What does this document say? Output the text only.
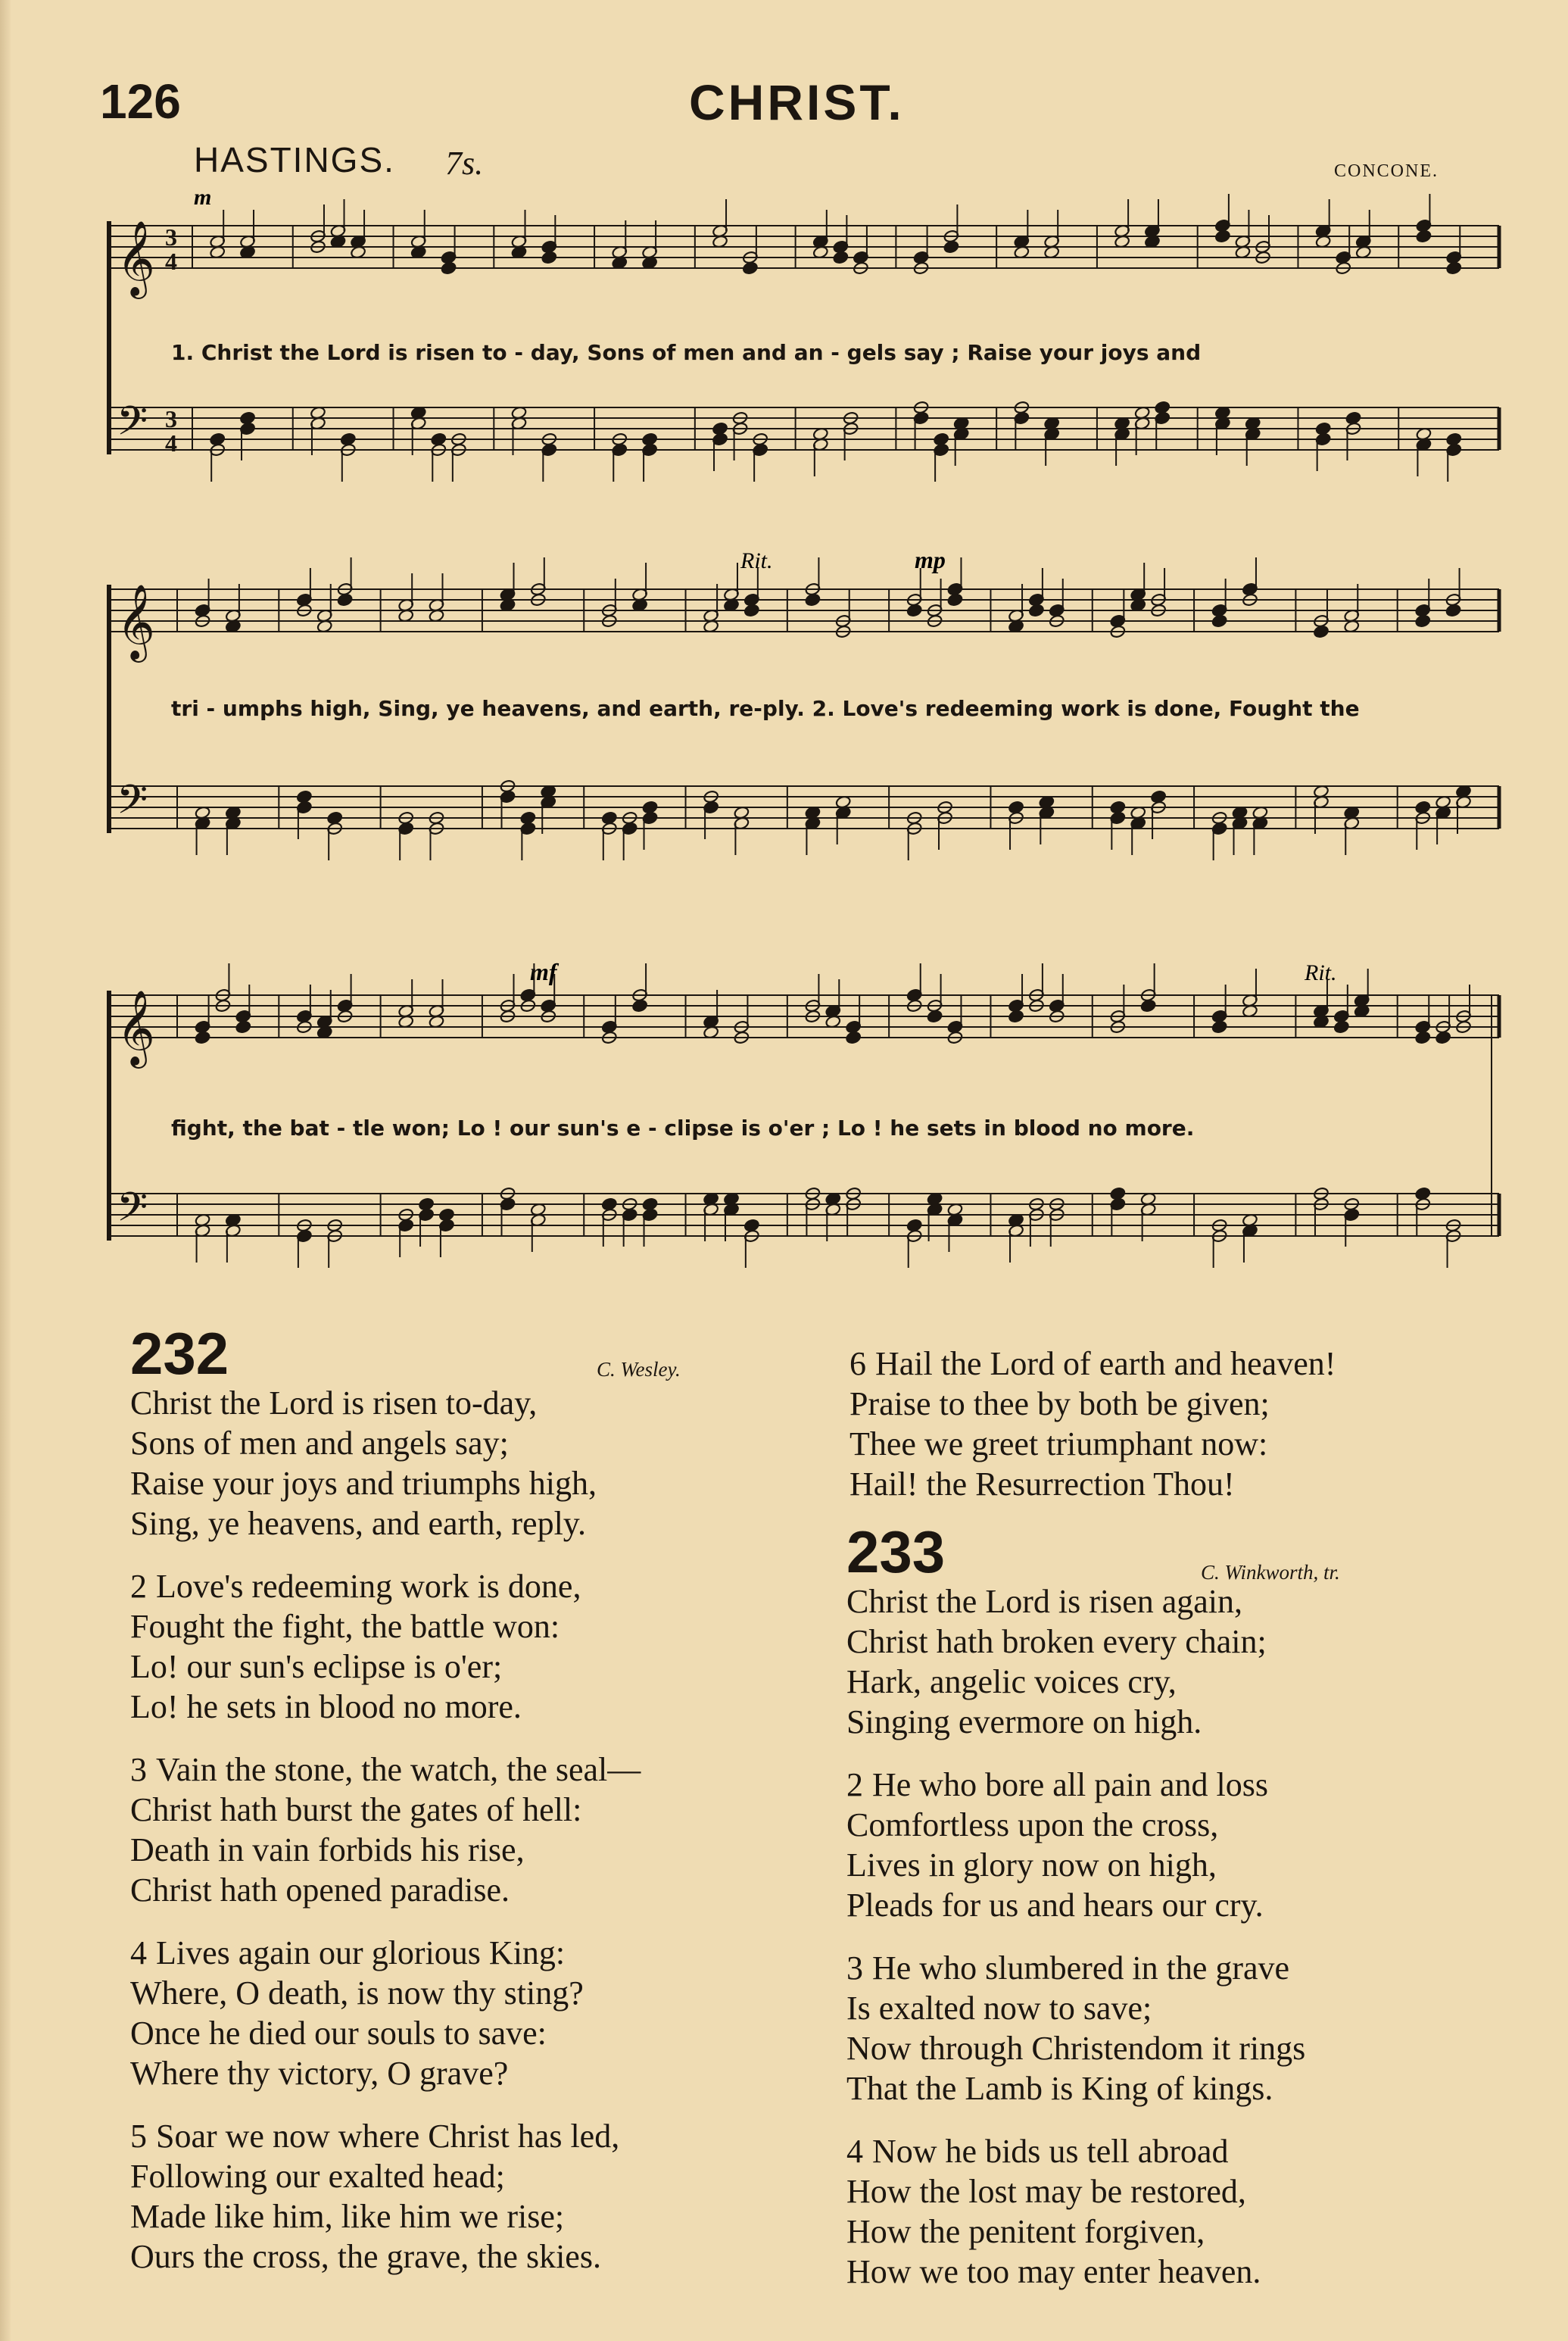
126	CHRIST.
HASTINGS. 7s.	CONCONE.
m
mp
mf
Rit.
Rit.
𝄞 3
4
𝄢 3
4
𝄞
𝄢
𝄞
𝄢
1. Christ the Lord is risen to - day, Sons of men and an - gels say ; Raise your joys and
tri - umphs high, Sing, ye heavens, and earth, re-ply. 2. Love's redeeming work is done, Fought the
fight, the bat - tle won; Lo ! our sun's e - clipse is o'er ; Lo ! he sets in blood no more.
232	C. Wesley.
Christ the Lord is risen to-day,
Sons of men and angels say;
Raise your joys and triumphs high,
Sing, ye heavens, and earth, reply.
2 Love's redeeming work is done,
Fought the fight, the battle won:
Lo! our sun's eclipse is o'er;
Lo! he sets in blood no more.
3 Vain the stone, the watch, the seal—
Christ hath burst the gates of hell:
Death in vain forbids his rise,
Christ hath opened paradise.
4 Lives again our glorious King:
Where, O death, is now thy sting?
Once he died our souls to save:
Where thy victory, O grave?
5 Soar we now where Christ has led,
Following our exalted head;
Made like him, like him we rise;
Ours the cross, the grave, the skies.
6 Hail the Lord of earth and heaven!
Praise to thee by both be given;
Thee we greet triumphant now:
Hail! the Resurrection Thou!
233	C. Winkworth, tr.
Christ the Lord is risen again,
Christ hath broken every chain;
Hark, angelic voices cry,
Singing evermore on high.
2 He who bore all pain and loss
Comfortless upon the cross,
Lives in glory now on high,
Pleads for us and hears our cry.
3 He who slumbered in the grave
Is exalted now to save;
Now through Christendom it rings
That the Lamb is King of kings.
4 Now he bids us tell abroad
How the lost may be restored,
How the penitent forgiven,
How we too may enter heaven.
